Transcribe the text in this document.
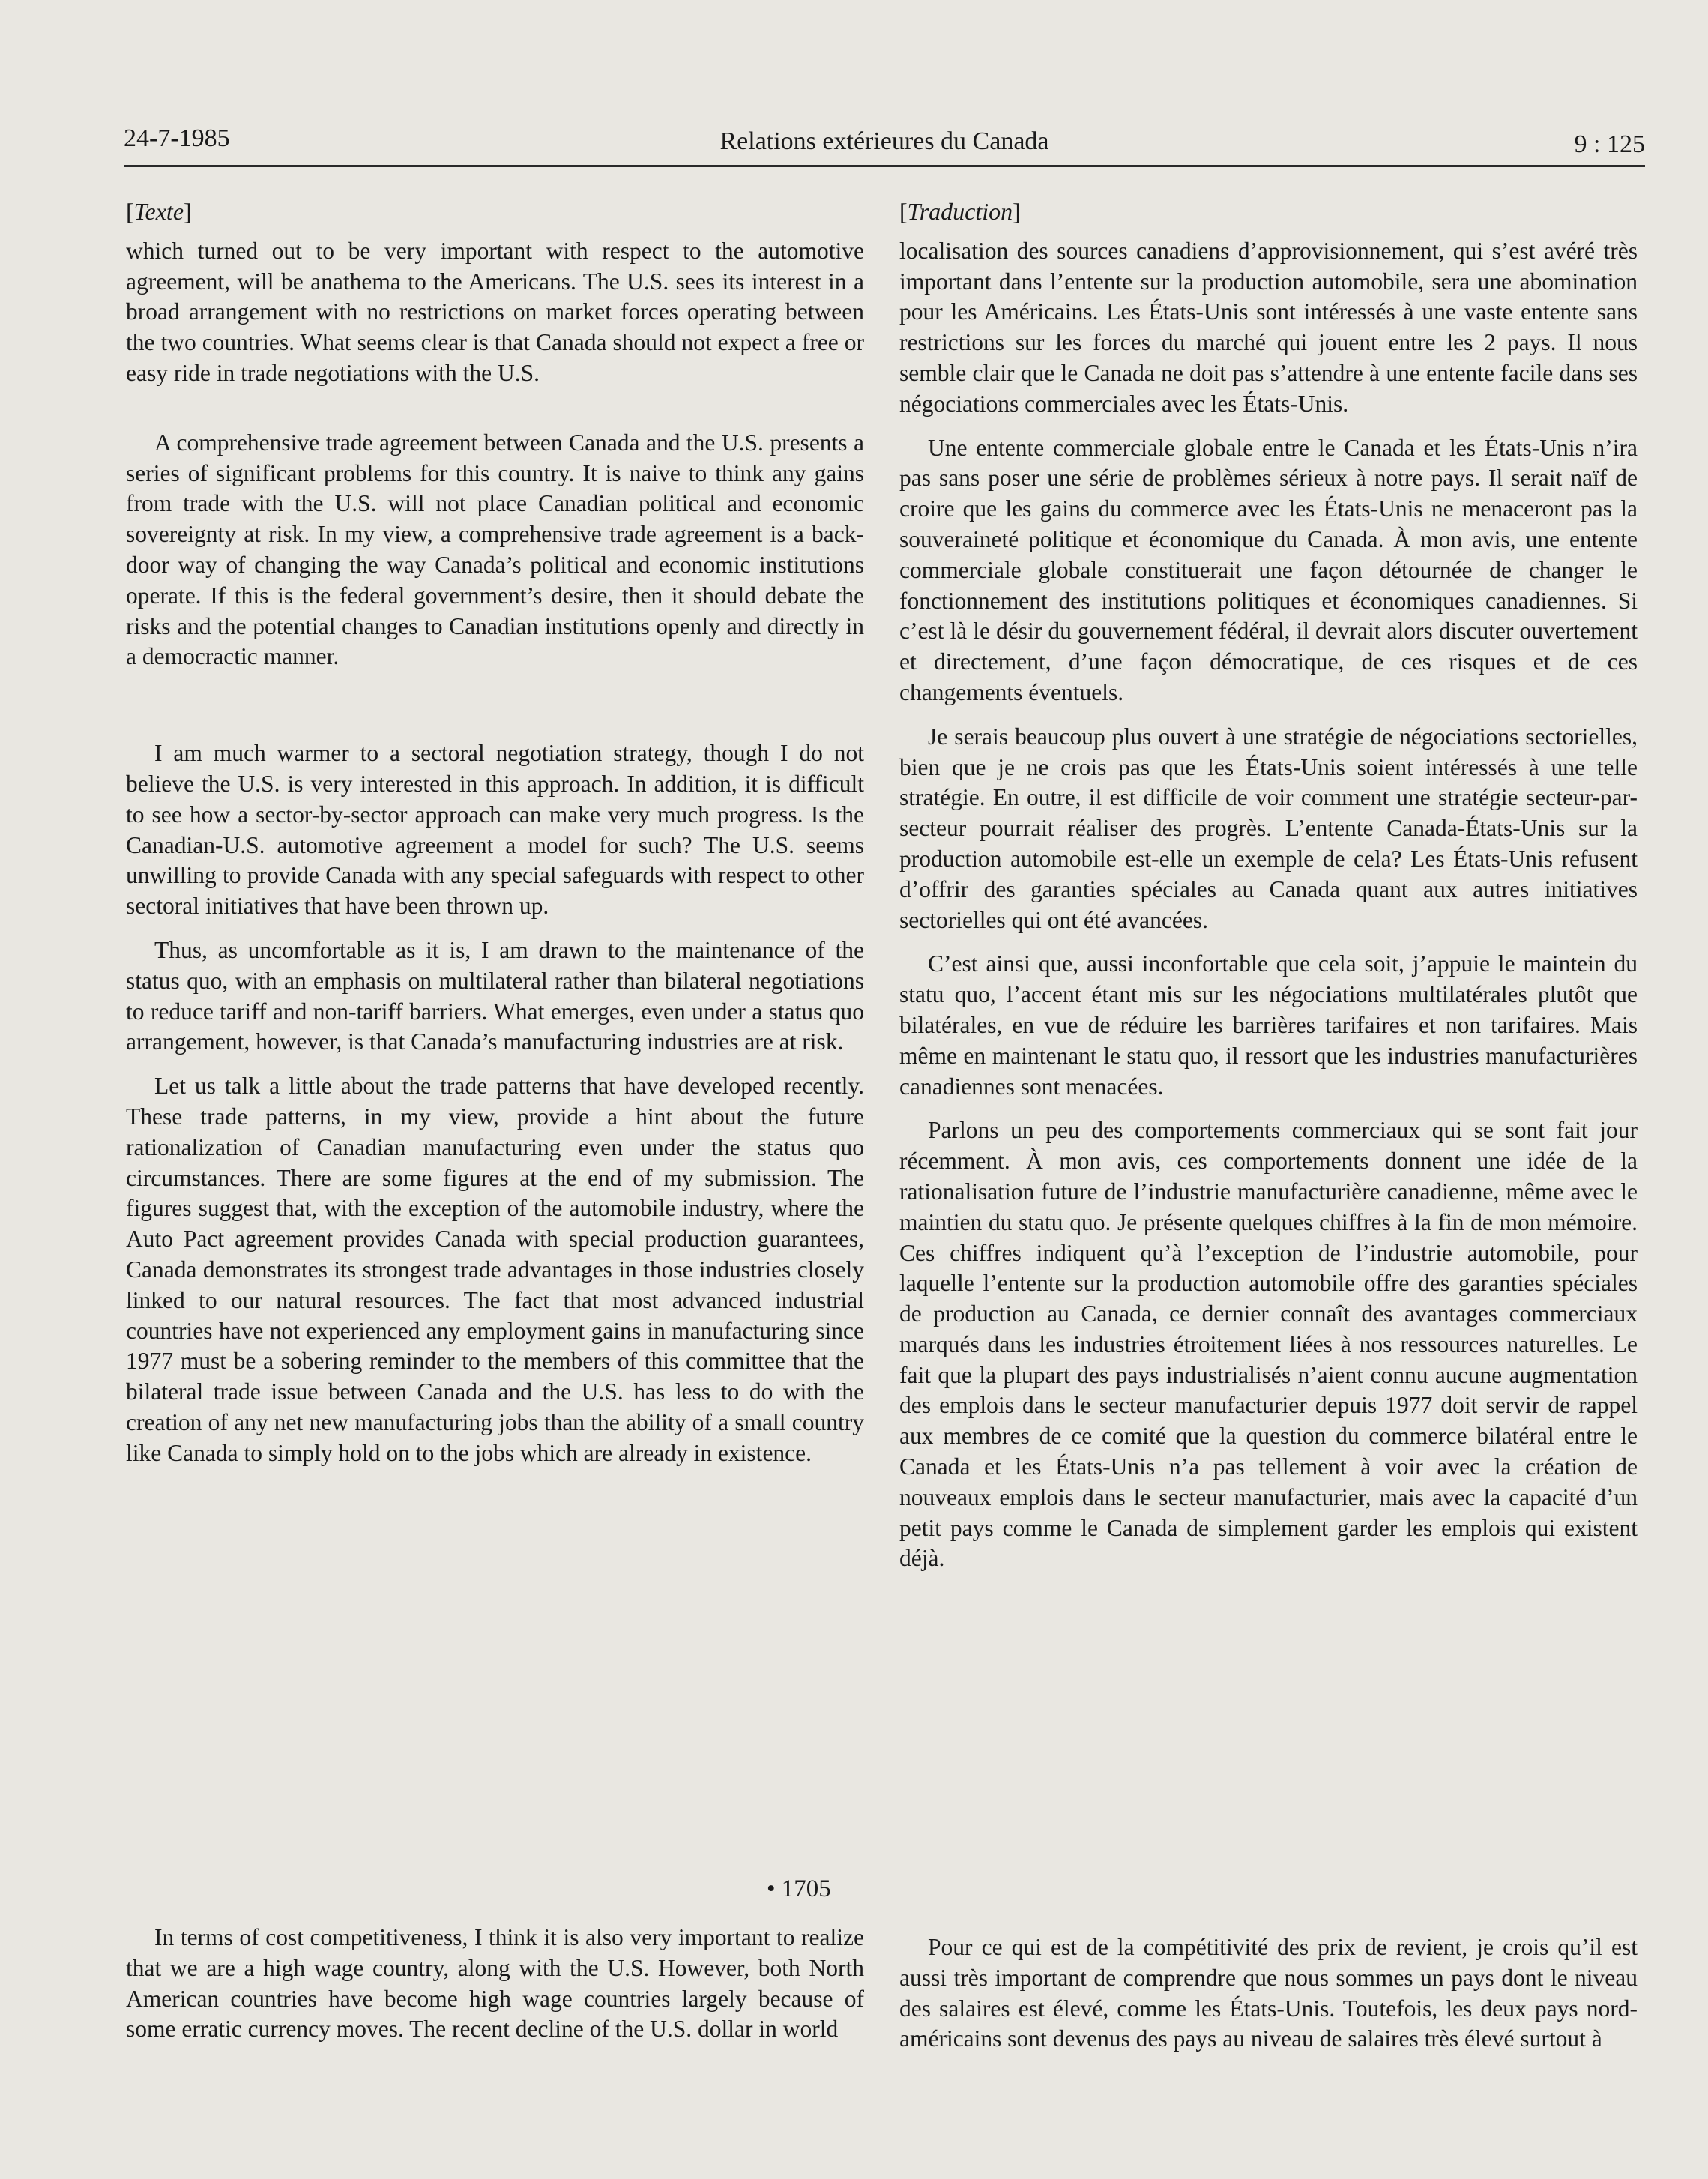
24-7-1985	Relations extérieures du Canada	9 : 125
[Texte]

which turned out to be very important with respect to the automotive agreement, will be anathema to the Americans. The U.S. sees its interest in a broad arrangement with no restrictions on market forces operating between the two countries. What seems clear is that Canada should not expect a free or easy ride in trade negotiations with the U.S.

A comprehensive trade agreement between Canada and the U.S. presents a series of significant problems for this country. It is naive to think any gains from trade with the U.S. will not place Canadian political and economic sovereignty at risk. In my view, a comprehensive trade agreement is a back-door way of changing the way Canada’s political and economic institutions operate. If this is the federal government’s desire, then it should debate the risks and the potential changes to Canadian institutions openly and directly in a democractic manner.

I am much warmer to a sectoral negotiation strategy, though I do not believe the U.S. is very interested in this approach. In addition, it is difficult to see how a sector-by-sector approach can make very much progress. Is the Canadian-U.S. automotive agreement a model for such? The U.S. seems unwilling to provide Canada with any special safeguards with respect to other sectoral initiatives that have been thrown up.

Thus, as uncomfortable as it is, I am drawn to the maintenance of the status quo, with an emphasis on multilateral rather than bilateral negotiations to reduce tariff and non-tariff barriers. What emerges, even under a status quo arrangement, however, is that Canada’s manufacturing industries are at risk.

Let us talk a little about the trade patterns that have developed recently. These trade patterns, in my view, provide a hint about the future rationalization of Canadian manufacturing even under the status quo circumstances. There are some figures at the end of my submission. The figures suggest that, with the exception of the automobile industry, where the Auto Pact agreement provides Canada with special production guarantees, Canada demonstrates its strongest trade advantages in those industries closely linked to our natural resources. The fact that most advanced industrial countries have not experienced any employment gains in manufacturing since 1977 must be a sobering reminder to the members of this committee that the bilateral trade issue between Canada and the U.S. has less to do with the creation of any net new manufacturing jobs than the ability of a small country like Canada to simply hold on to the jobs which are already in existence.

• 1705

In terms of cost competitiveness, I think it is also very important to realize that we are a high wage country, along with the U.S. However, both North American countries have become high wage countries largely because of some erratic currency moves. The recent decline of the U.S. dollar in world

[Traduction]

localisation des sources canadiens d’approvisionnement, qui s’est avéré très important dans l’entente sur la production automobile, sera une abomination pour les Américains. Les États-Unis sont intéressés à une vaste entente sans restrictions sur les forces du marché qui jouent entre les 2 pays. Il nous semble clair que le Canada ne doit pas s’attendre à une entente facile dans ses négociations commerciales avec les États-Unis.

Une entente commerciale globale entre le Canada et les États-Unis n’ira pas sans poser une série de problèmes sérieux à notre pays. Il serait naïf de croire que les gains du commerce avec les États-Unis ne menaceront pas la souveraineté politique et économique du Canada. À mon avis, une entente commerciale globale constituerait une façon détournée de changer le fonctionnement des institutions politiques et économiques canadiennes. Si c’est là le désir du gouvernement fédéral, il devrait alors discuter ouvertement et directement, d’une façon démocratique, de ces risques et de ces changements éventuels.

Je serais beaucoup plus ouvert à une stratégie de négociations sectorielles, bien que je ne crois pas que les États-Unis soient intéressés à une telle stratégie. En outre, il est difficile de voir comment une stratégie secteur-par-secteur pourrait réaliser des progrès. L’entente Canada-États-Unis sur la production automobile est-elle un exemple de cela? Les États-Unis refusent d’offrir des garanties spéciales au Canada quant aux autres initiatives sectorielles qui ont été avancées.

C’est ainsi que, aussi inconfortable que cela soit, j’appuie le maintein du statu quo, l’accent étant mis sur les négociations multilatérales plutôt que bilatérales, en vue de réduire les barrières tarifaires et non tarifaires. Mais même en maintenant le statu quo, il ressort que les industries manufacturières canadiennes sont menacées.

Parlons un peu des comportements commerciaux qui se sont fait jour récemment. À mon avis, ces comportements donnent une idée de la rationalisation future de l’industrie manufacturière canadienne, même avec le maintien du statu quo. Je présente quelques chiffres à la fin de mon mémoire. Ces chiffres indiquent qu’à l’exception de l’industrie automobile, pour laquelle l’entente sur la production automobile offre des garanties spéciales de production au Canada, ce dernier connaît des avantages commerciaux marqués dans les industries étroitement liées à nos ressources naturelles. Le fait que la plupart des pays industrialisés n’aient connu aucune augmentation des emplois dans le secteur manufacturier depuis 1977 doit servir de rappel aux membres de ce comité que la question du commerce bilatéral entre le Canada et les États-Unis n’a pas tellement à voir avec la création de nouveaux emplois dans le secteur manufacturier, mais avec la capacité d’un petit pays comme le Canada de simplement garder les emplois qui existent déjà.

Pour ce qui est de la compétitivité des prix de revient, je crois qu’il est aussi très important de comprendre que nous sommes un pays dont le niveau des salaires est élevé, comme les États-Unis. Toutefois, les deux pays nord-américains sont devenus des pays au niveau de salaires très élevé surtout à
